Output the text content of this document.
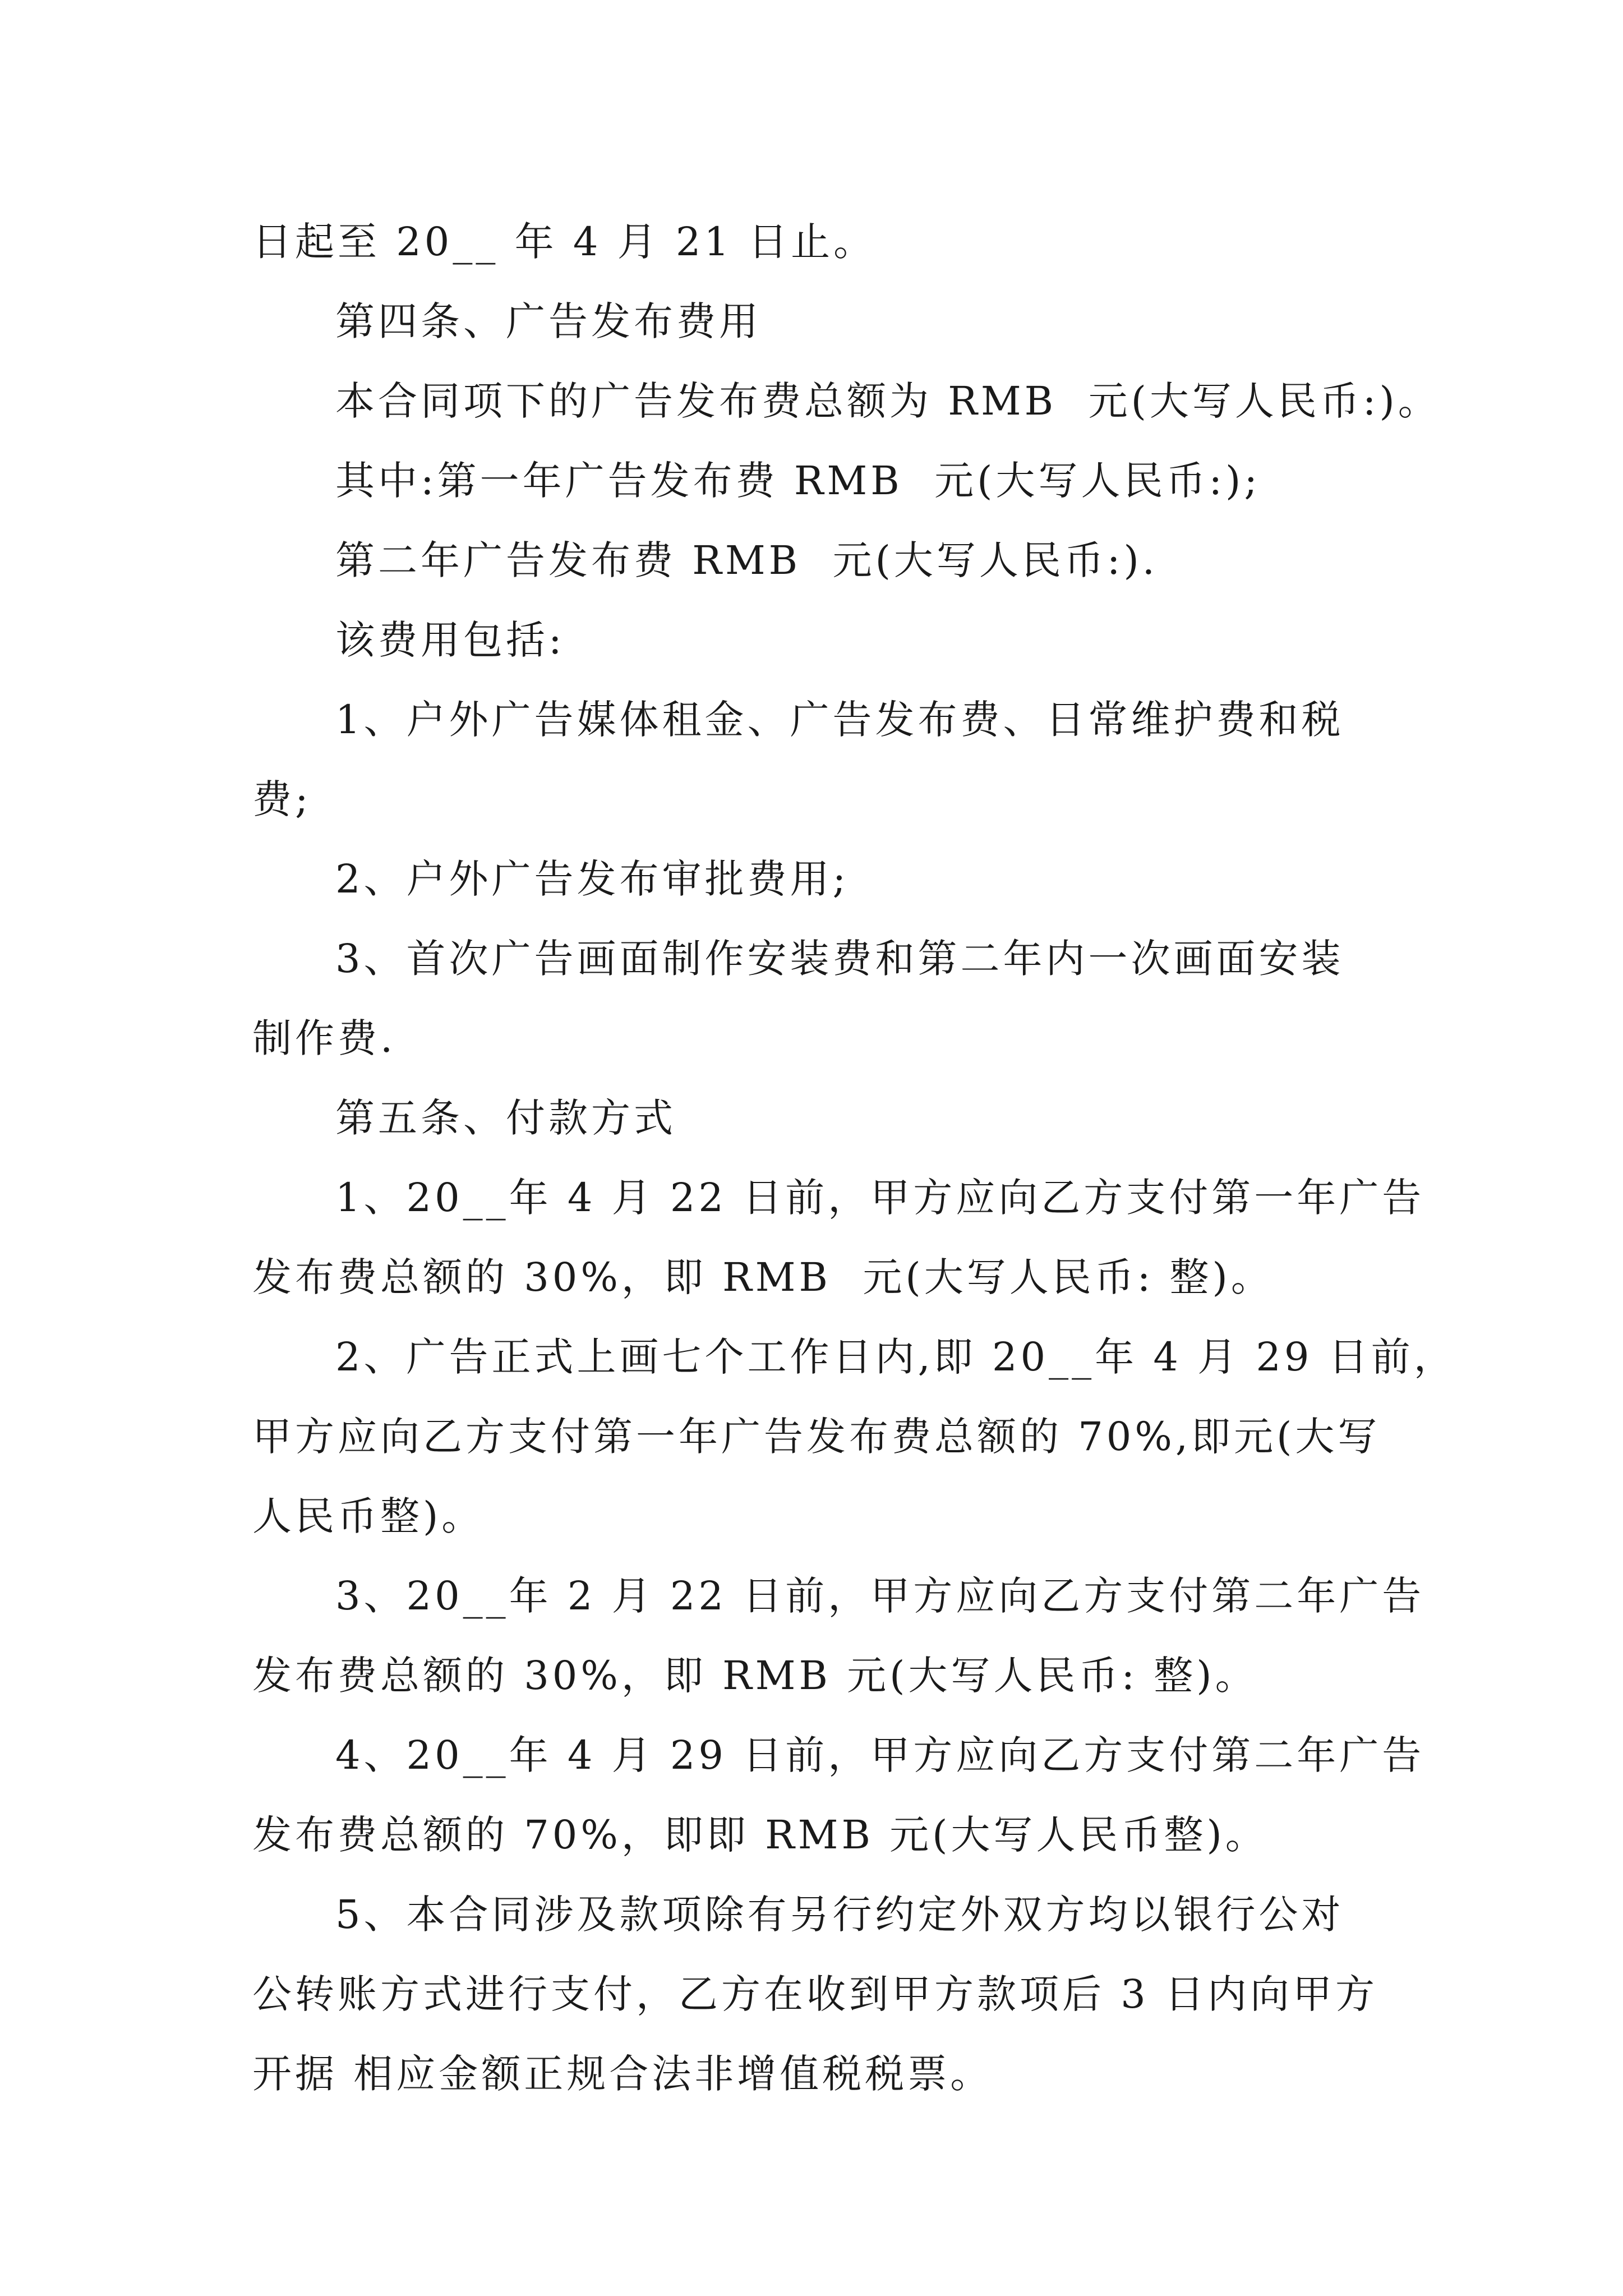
日起至 20__ 年 4 月 21 日止。
第四条、广告发布费用
本合同项下的广告发布费总额为 RMB  元(大写人民币:)。
其中:第一年广告发布费 RMB  元(大写人民币:);
第二年广告发布费 RMB  元(大写人民币:).
该费用包括:
1、户外广告媒体租金、广告发布费、日常维护费和税
费;
2、户外广告发布审批费用;
3、首次广告画面制作安装费和第二年内一次画面安装
制作费.
第五条、付款方式
1、20__年 4 月 22 日前，甲方应向乙方支付第一年广告
发布费总额的 30%，即 RMB  元(大写人民币: 整)。
2、广告正式上画七个工作日内,即 20__年 4 月 29 日前，
甲方应向乙方支付第一年广告发布费总额的 70%,即元(大写
人民币整)。
3、20__年 2 月 22 日前，甲方应向乙方支付第二年广告
发布费总额的 30%，即 RMB 元(大写人民币: 整)。
4、20__年 4 月 29 日前，甲方应向乙方支付第二年广告
发布费总额的 70%，即即 RMB 元(大写人民币整)。
5、本合同涉及款项除有另行约定外双方均以银行公对
公转账方式进行支付，乙方在收到甲方款项后 3 日内向甲方
开据 相应金额正规合法非增值税税票。
